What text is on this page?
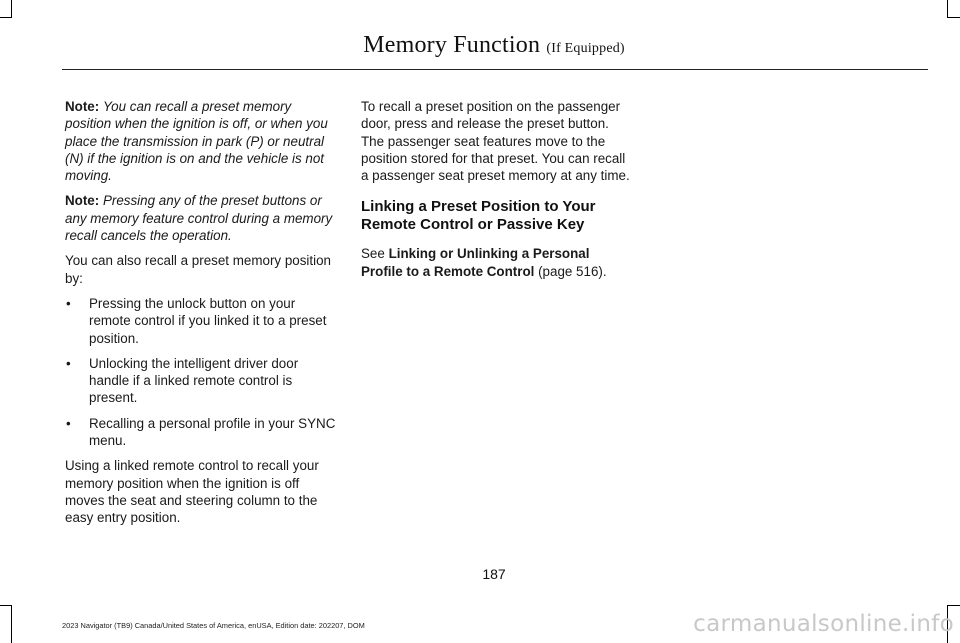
Memory Function (If Equipped)

Note: You can recall a preset memory position when the ignition is off, or when you place the transmission in park (P) or neutral (N) if the ignition is on and the vehicle is not moving.

Note: Pressing any of the preset buttons or any memory feature control during a memory recall cancels the operation.

You can also recall a preset memory position by:

• Pressing the unlock button on your remote control if you linked it to a preset position.
• Unlocking the intelligent driver door handle if a linked remote control is present.
• Recalling a personal profile in your SYNC menu.

Using a linked remote control to recall your memory position when the ignition is off moves the seat and steering column to the easy entry position.

To recall a preset position on the passenger door, press and release the preset button. The passenger seat features move to the position stored for that preset. You can recall a passenger seat preset memory at any time.

Linking a Preset Position to Your Remote Control or Passive Key

See Linking or Unlinking a Personal Profile to a Remote Control (page 516).

187
2023 Navigator (TB9) Canada/United States of America, enUSA, Edition date: 202207, DOM	carmanualsonline.info
